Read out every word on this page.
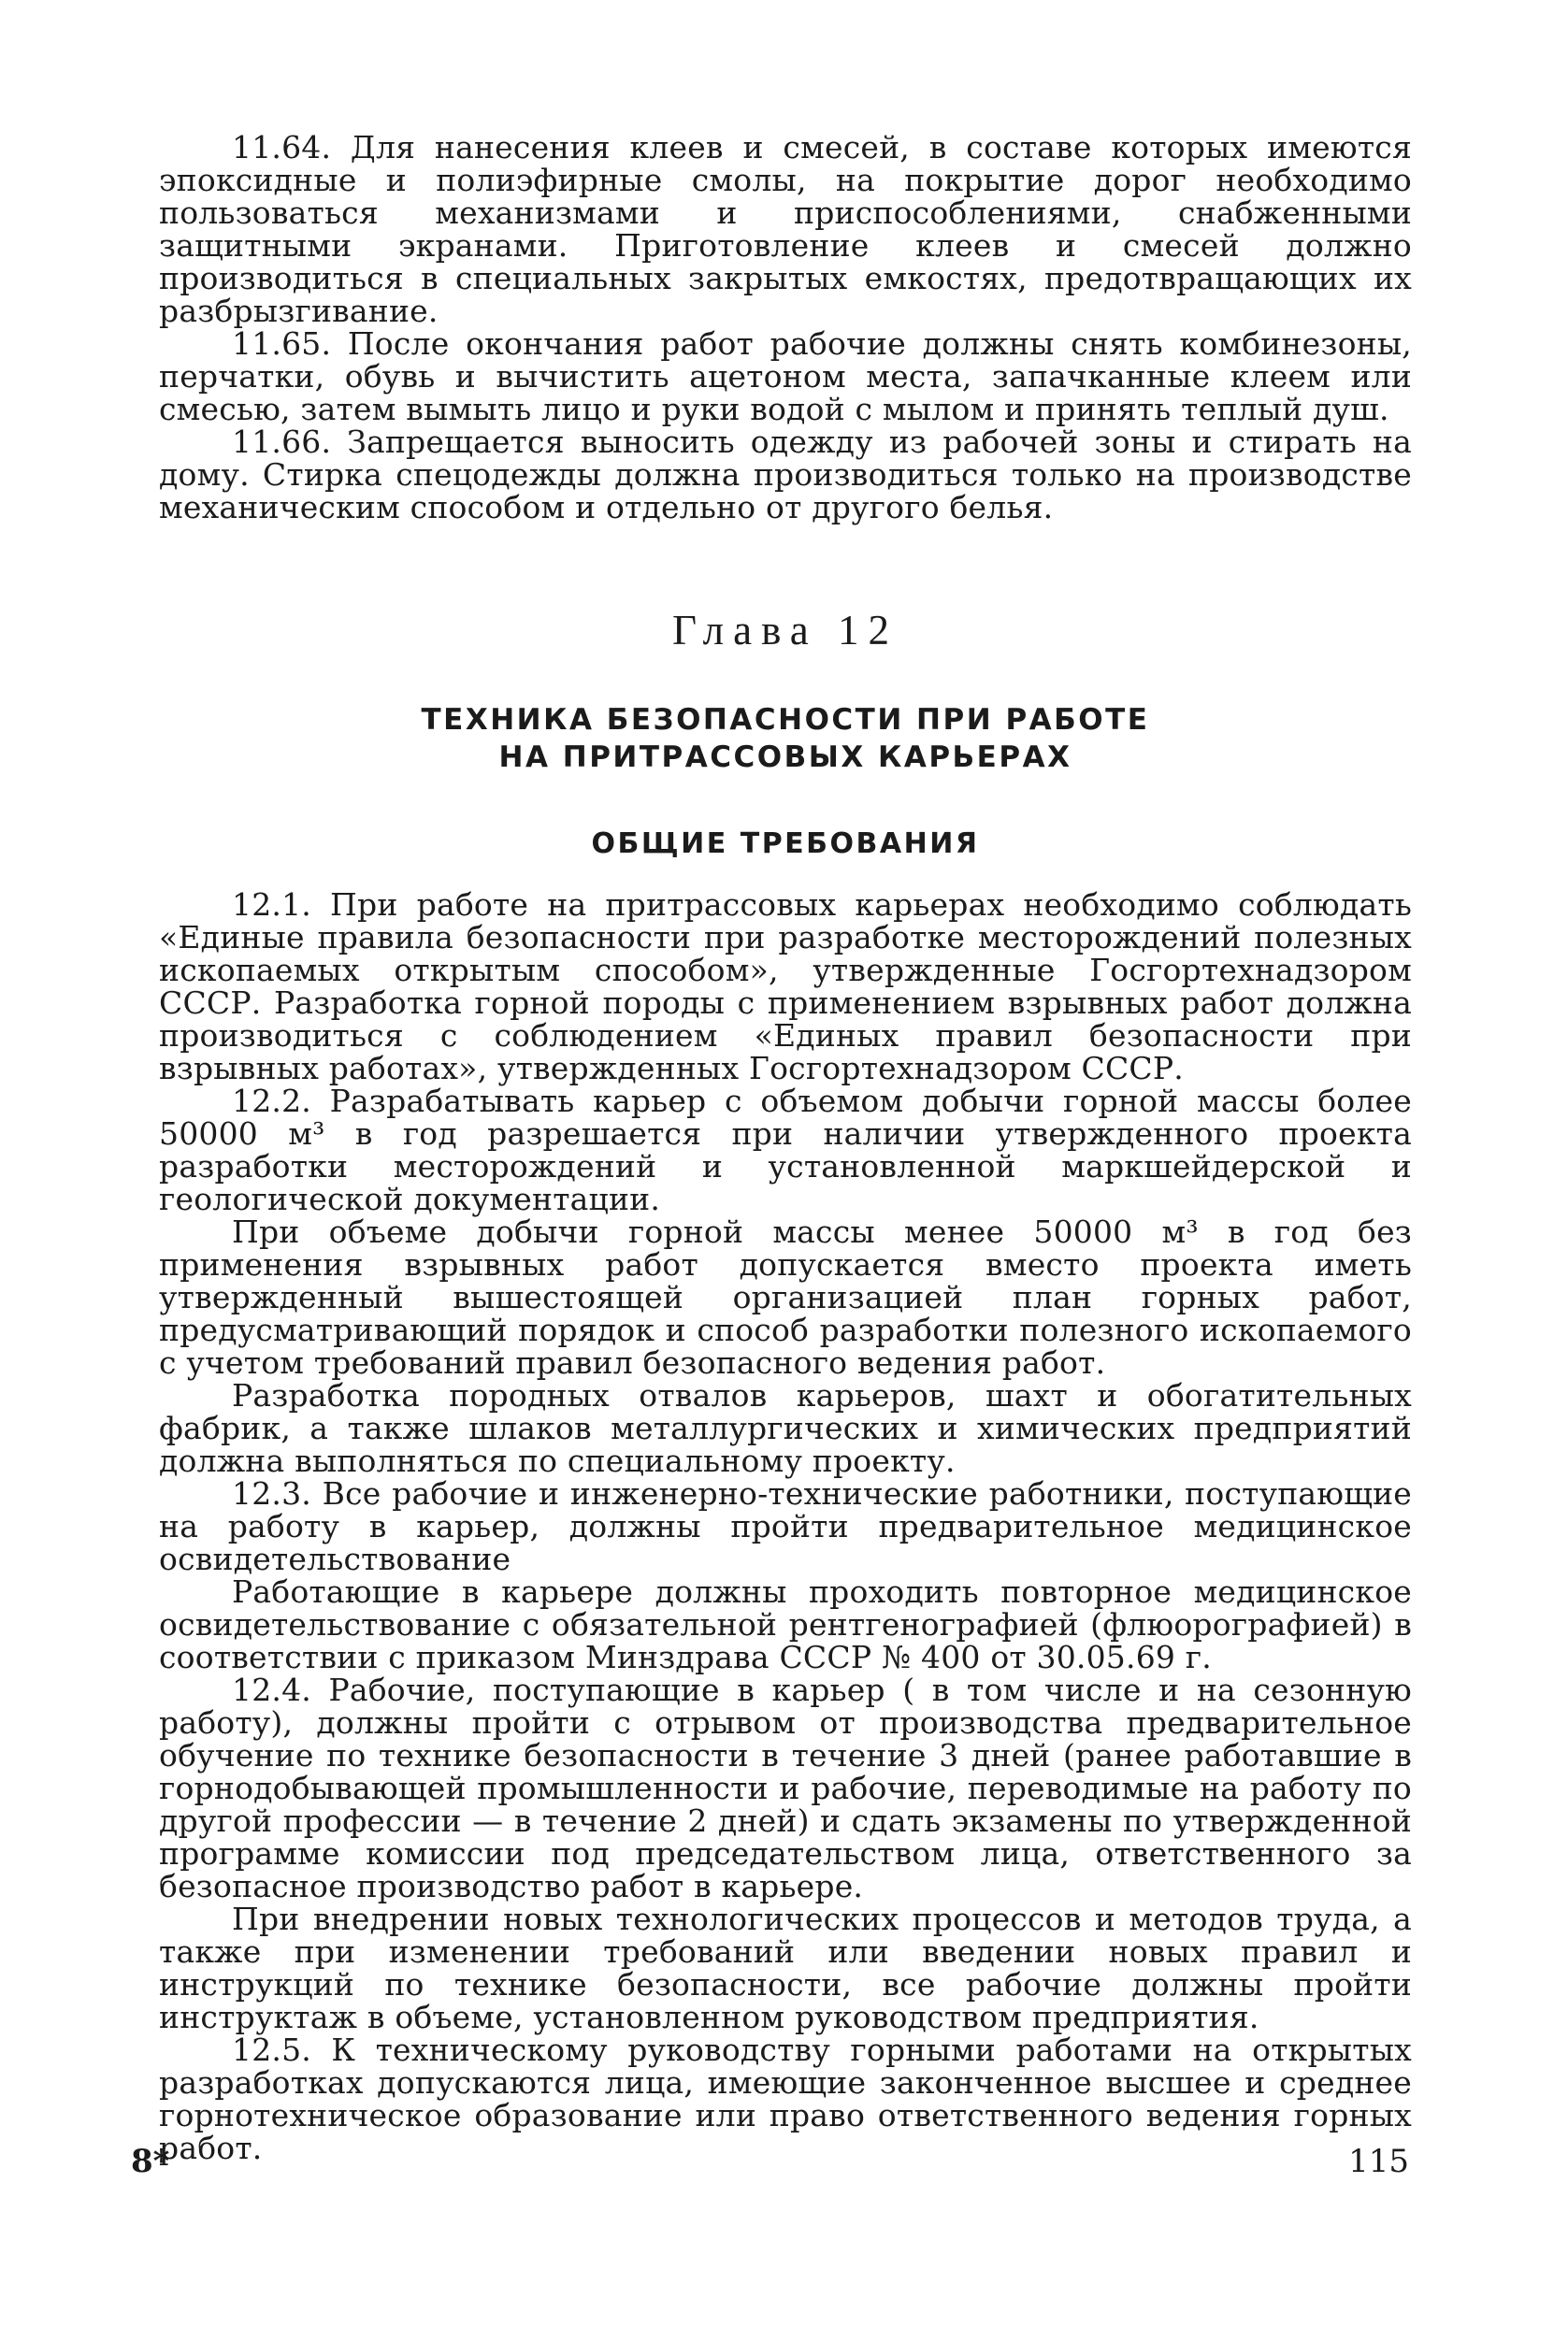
11.64. Для нанесения клеев и смесей, в составе которых имеются эпоксидные и полиэфирные смолы, на покрытие дорог необходимо пользоваться механизмами и приспособлениями, снабженными защитными экранами. Приготовление клеев и смесей должно производиться в специальных закрытых емкостях, предотвращающих их разбрызгивание.

11.65. После окончания работ рабочие должны снять комбинезоны, перчатки, обувь и вычистить ацетоном места, запачканные клеем или смесью, затем вымыть лицо и руки водой с мылом и принять теплый душ.

11.66. Запрещается выносить одежду из рабочей зоны и стирать на дому. Стирка спецодежды должна производиться только на производстве механическим способом и отдельно от другого белья.

Глава 12
ТЕХНИКА БЕЗОПАСНОСТИ ПРИ РАБОТЕ
НА ПРИТРАССОВЫХ КАРЬЕРАХ
ОБЩИЕ ТРЕБОВАНИЯ

12.1. При работе на притрассовых карьерах необходимо соблюдать «Единые правила безопасности при разработке месторождений полезных ископаемых открытым способом», утвержденные Госгортехнадзором СССР. Разработка горной породы с применением взрывных работ должна производиться с соблюдением «Единых правил безопасности при взрывных работах», утвержденных Госгортехнадзором СССР.

12.2. Разрабатывать карьер с объемом добычи горной массы более 50000 м³ в год разрешается при наличии утвержденного проекта разработки месторождений и установленной маркшейдерской и геологической документации.

При объеме добычи горной массы менее 50000 м³ в год без применения взрывных работ допускается вместо проекта иметь утвержденный вышестоящей организацией план горных работ, предусматривающий порядок и способ разработки полезного ископаемого с учетом требований правил безопасного ведения работ.

Разработка породных отвалов карьеров, шахт и обогатительных фабрик, а также шлаков металлургических и химических предприятий должна выполняться по специальному проекту.

12.3. Все рабочие и инженерно-технические работники, поступающие на работу в карьер, должны пройти предварительное медицинское освидетельствование

Работающие в карьере должны проходить повторное медицинское освидетельствование с обязательной рентгенографией (флюорографией) в соответствии с приказом Минздрава СССР № 400 от 30.05.69 г.

12.4. Рабочие, поступающие в карьер ( в том числе и на сезонную работу), должны пройти с отрывом от производства предварительное обучение по технике безопасности в течение 3 дней (ранее работавшие в горнодобывающей промышленности и рабочие, переводимые на работу по другой профессии — в течение 2 дней) и сдать экзамены по утвержденной программе комиссии под председательством лица, ответственного за безопасное производство работ в карьере.

При внедрении новых технологических процессов и методов труда, а также при изменении требований или введении новых правил и инструкций по технике безопасности, все рабочие должны пройти инструктаж в объеме, установленном руководством предприятия.

12.5. К техническому руководству горными работами на открытых разработках допускаются лица, имеющие законченное высшее и среднее горнотехническое образование или право ответственного ведения горных работ.

8*	115
